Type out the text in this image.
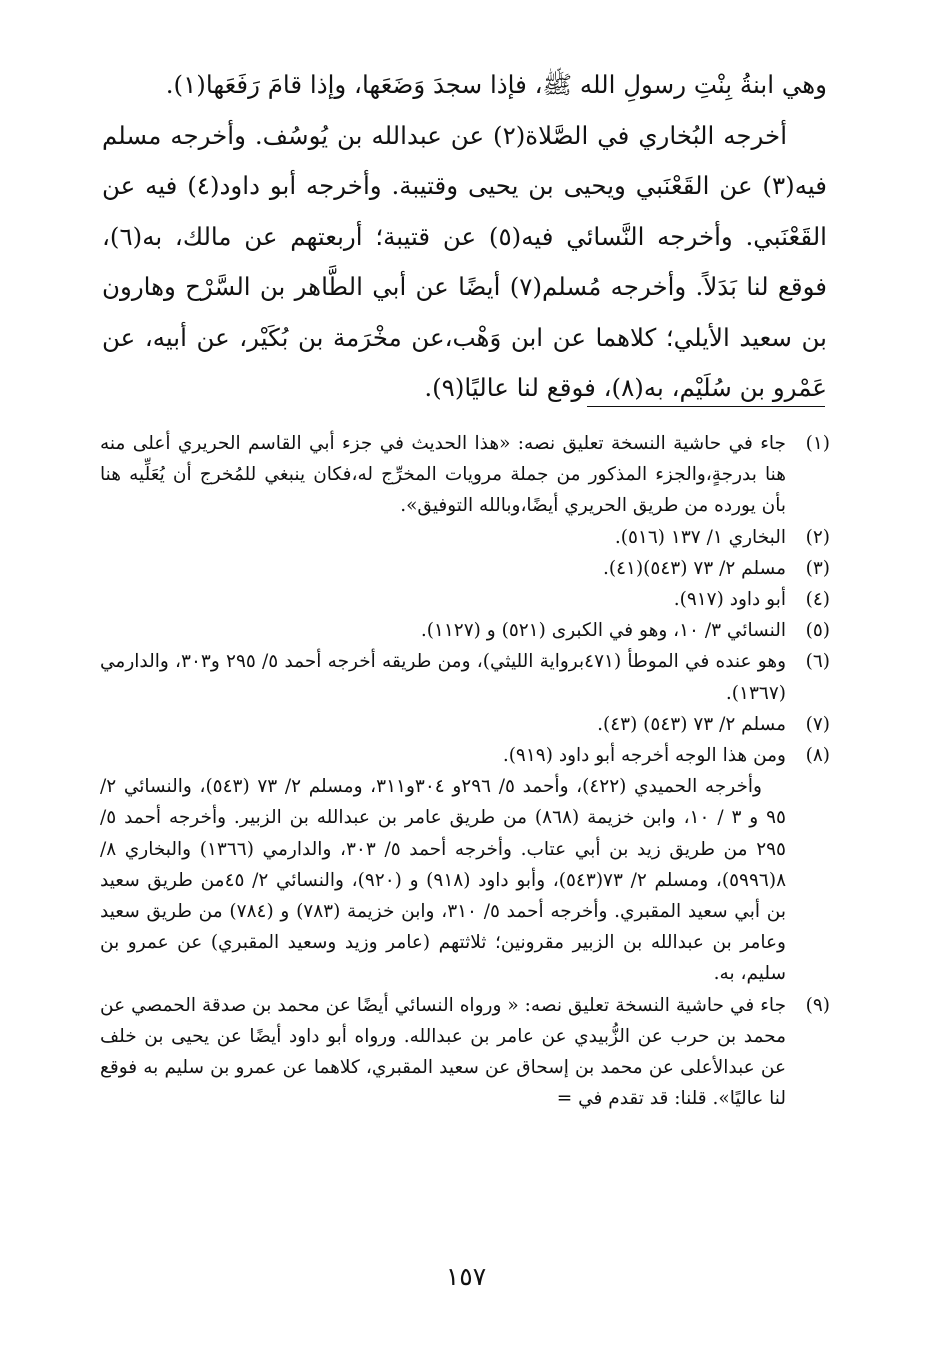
وهي ابنةُ بِنْتِ رسولِ الله ﷺ، فإذا سجدَ وَضَعَها، وإذا قامَ رَفَعَها(١).

أخرجه البُخاري في الصَّلاة(٢) عن عبدالله بن يُوسُف. وأخرجه مسلم فيه(٣) عن القَعْنَبي ويحيى بن يحيى وقتيبة. وأخرجه أبو داود(٤) فيه عن القَعْنَبي. وأخرجه النَّسائي فيه(٥) عن قتيبة؛ أربعتهم عن مالك، به(٦)، فوقع لنا بَدَلاً. وأخرجه مُسلم(٧) أيضًا عن أبي الطَّاهر بن السَّرْح وهارون بن سعيد الأيلي؛ كلاهما عن ابن وَهْب،عن مخْرَمة بن بُكَيْر، عن أبيه، عن عَمْرو بن سُلَيْم، به(٨)، فوقع لنا عاليًا(٩).

(١)

جاء في حاشية النسخة تعليق نصه: «هذا الحديث في جزء أبي القاسم الحريري أعلى منه هنا بدرجةٍ،والجزء المذكور من جملة مرويات المخرِّج له،فكان ينبغي للمُخرج أن يُعَلِّيه هنا بأن يورده من طريق الحريري أيضًا،وبالله التوفيق».

(٢)

البخاري ١/ ١٣٧ (٥١٦).

(٣)

مسلم ٢/ ٧٣ (٥٤٣)(٤١).

(٤)

أبو داود (٩١٧).

(٥)

النسائي ٣/ ١٠، وهو في الكبرى (٥٢١) و (١١٢٧).

(٦)

وهو عنده في الموطأ (٤٧١برواية الليثي)، ومن طريقه أخرجه أحمد ٥/ ٢٩٥ و٣٠٣، والدارمي (١٣٦٧).

(٧)

مسلم ٢/ ٧٣ (٥٤٣) (٤٣).

(٨)

ومن هذا الوجه أخرجه أبو داود (٩١٩).

وأخرجه الحميدي (٤٢٢)، وأحمد ٥/ ٢٩٦و ٣٠٤و٣١١، ومسلم ٢/ ٧٣ (٥٤٣)، والنسائي ٢/ ٩٥ و ٣ / ١٠، وابن خزيمة (٨٦٨) من طريق عامر بن عبدالله بن الزبير. وأخرجه أحمد ٥/ ٢٩٥ من طريق زيد بن أبي عتاب. وأخرجه أحمد ٥/ ٣٠٣، والدارمي (١٣٦٦) والبخاري ٨/ ٨(٥٩٩٦)، ومسلم ٢/ ٧٣(٥٤٣)، وأبو داود (٩١٨) و (٩٢٠)، والنسائي ٢/ ٤٥من طريق سعيد بن أبي سعيد المقبري. وأخرجه أحمد ٥/ ٣١٠، وابن خزيمة (٧٨٣) و (٧٨٤) من طريق سعيد وعامر بن عبدالله بن الزبير مقرونين؛ ثلاثتهم (عامر وزيد وسعيد المقبري) عن عمرو بن سليم، به.

(٩)

جاء في حاشية النسخة تعليق نصه: « ورواه النسائي أيضًا عن محمد بن صدقة الحمصي عن محمد بن حرب عن الزُّبيدي عن عامر بن عبدالله. ورواه أبو داود أيضًا عن يحيى بن خلف عن عبدالأعلى عن محمد بن إسحاق عن سعيد المقبري، كلاهما عن عمرو بن سليم به فوقع لنا عاليًا». قلنا: قد تقدم في =

١٥٧
